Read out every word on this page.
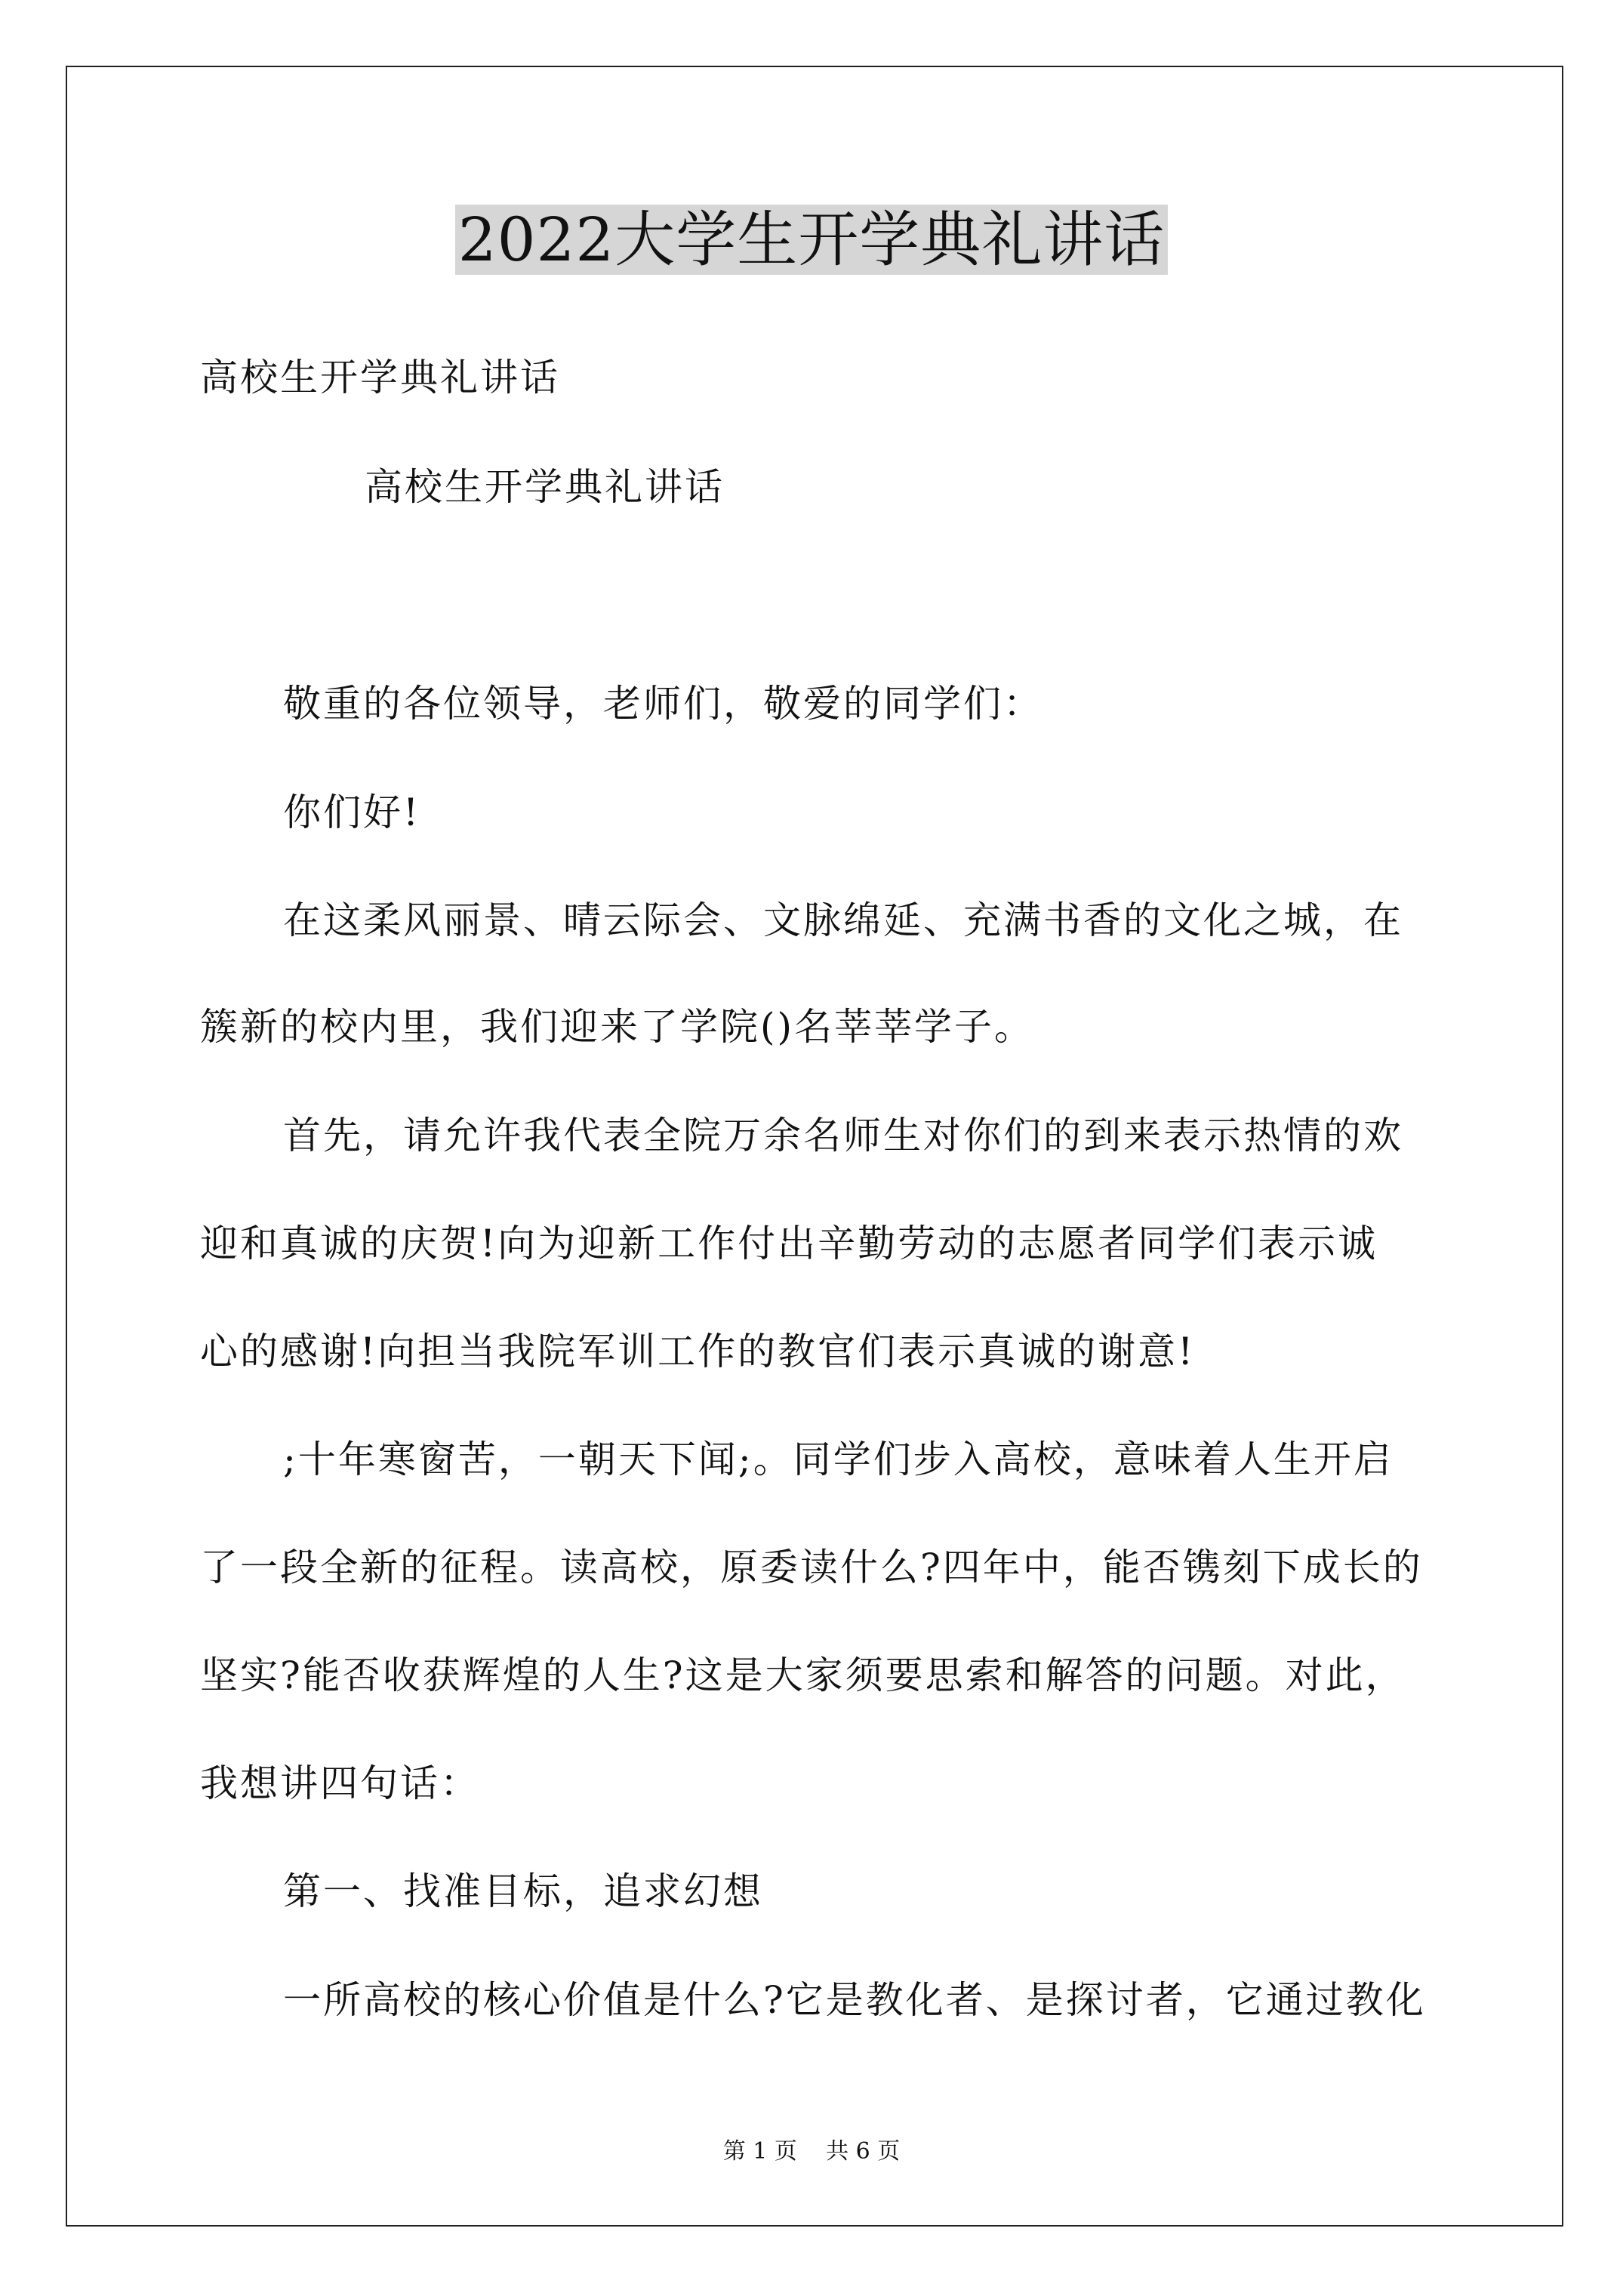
2022大学生开学典礼讲话
高校生开学典礼讲话
高校生开学典礼讲话
敬重的各位领导，老师们，敬爱的同学们：
你们好!
在这柔风丽景、晴云际会、文脉绵延、充满书香的文化之城，在
簇新的校内里，我们迎来了学院()名莘莘学子。
首先，请允许我代表全院万余名师生对你们的到来表示热情的欢
迎和真诚的庆贺!向为迎新工作付出辛勤劳动的志愿者同学们表示诚
心的感谢!向担当我院军训工作的教官们表示真诚的谢意!
;十年寒窗苦，一朝天下闻;。同学们步入高校，意味着人生开启
了一段全新的征程。读高校，原委读什么?四年中，能否镌刻下成长的
坚实?能否收获辉煌的人生?这是大家须要思索和解答的问题。对此，
我想讲四句话：
第一、找准目标，追求幻想
一所高校的核心价值是什么?它是教化者、是探讨者，它通过教化
第 1 页    共 6 页
